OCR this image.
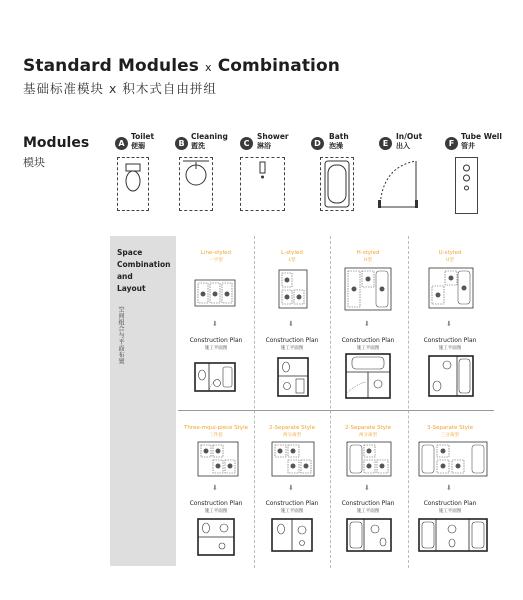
Standard Modules x Combination
基础标准模块 x 积木式自由拼组
Modules
模块
A
Toilet
便溺	B
Cleaning
盥洗	C
Shower
淋浴	D
Bath
泡澡	E
In/Out
出入	F
Tube Well
管井
Space
Combination
and
Layout
空间组合与平面布置
Line-styled
一字型
⬇
Construction Plan
施工平面图
L-styled
L型
⬇
Construction Plan
施工平面图
H-styled
H型
⬇
Construction Plan
施工平面图
U-styled
U型
⬇
Construction Plan
施工平面图
Three-mqui-piece Style
三件套
⬇
Construction Plan
施工平面图
2-Separate Style
两分离型
⬇
Construction Plan
施工平面图
2-Separate Style
两分离型
⬇
Construction Plan
施工平面图
3-Separate Style
三分离型
⬇
Construction Plan
施工平面图
